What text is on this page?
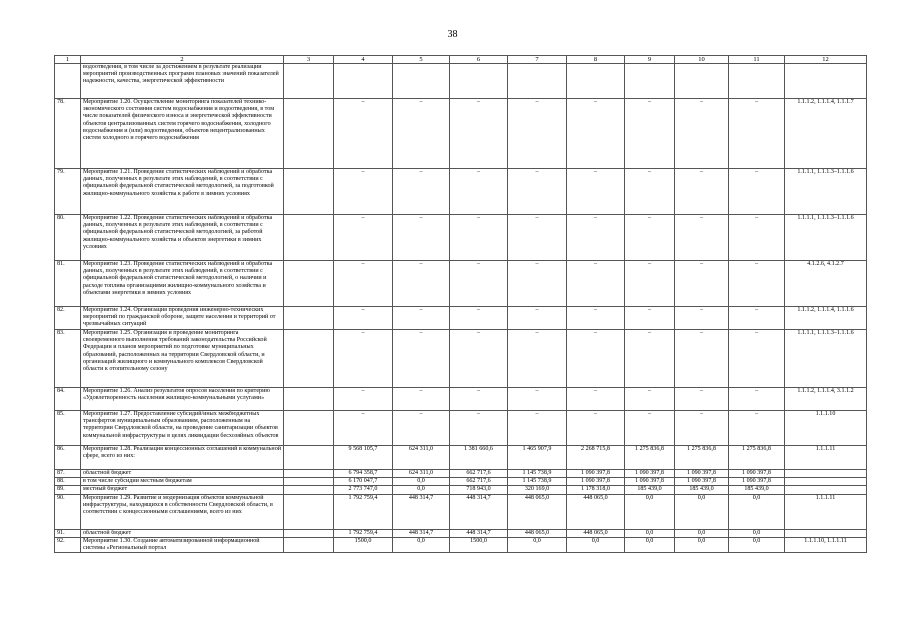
38
1	2	3	4	5	6	7	8	9	10	11	12
	водоотведения, в том числе за достижением в результате реализации мероприятий производственных программ плановых значений показателей надежности, качества, энергетической эффективности										
78.	Мероприятие 1.20. Осуществление мониторинга показателей технико-экономического состояния систем водоснабжения и водоотведения, в том числе показателей физического износа и энергетической эффективности объектов централизованных систем горячего водоснабжения, холодного водоснабжения и (или) водоотведения, объектов нецентрализованных систем холодного и горячего водоснабжения		–	–	–	–	–	–	–	–	1.1.1.2, 1.1.1.4, 1.1.1.7
79.	Мероприятие 1.21. Проведение статистических наблюдений и обработка данных, полученных в результате этих наблюдений, в соответствии с официальной федеральной статистической методологией, за подготовкой жилищно-коммунального хозяйства к работе в зимних условиях		–	–	–	–	–	–	–	–	1.1.1.1, 1.1.1.3–1.1.1.6
80.	Мероприятие 1.22. Проведение статистических наблюдений и обработка данных, полученных в результате этих наблюдений, в соответствии с официальной федеральной статистической методологией, за работой жилищно-коммунального хозяйства и объектов энергетики в зимних условиях		–	–	–	–	–	–	–	–	1.1.1.1, 1.1.1.3–1.1.1.6
81.	Мероприятие 1.23. Проведение статистических наблюдений и обработка данных, полученных в результате этих наблюдений, в соответствии с официальной федеральной статистической методологией, о наличии и расходе топлива организациями жилищно-коммунального хозяйства и объектами энергетики в зимних условиях		–	–	–	–	–	–	–	–	4.1.2.6, 4.1.2.7
82.	Мероприятие 1.24. Организация проведения инженерно-технических мероприятий по гражданской обороне, защите населения и территорий от чрезвычайных ситуаций		–	–	–	–	–	–	–	–	1.1.1.2, 1.1.1.4, 1.1.1.6
83.	Мероприятие 1.25. Организация и проведение мониторинга своевременного выполнения требований законодательства Российской Федерации и планов мероприятий по подготовке муниципальных образований, расположенных на территории Свердловской области, и организаций жилищного и коммунального комплексов Свердловской области к отопительному сезону		–	–	–	–	–	–	–	–	1.1.1.1, 1.1.1.3–1.1.1.6
84.	Мероприятие 1.26. Анализ результатов опросов населения по критерию «Удовлетворенность населения жилищно-коммунальными услугами»		–	–	–	–	–	–	–	–	1.1.1.2, 1.1.1.4, 3.1.1.2
85.	Мероприятие 1.27. Предоставление субсидий/иных межбюджетных трансфертов муниципальным образованиям, расположенным на территории Свердловской области, на проведение санитаризации объектов коммунальной инфраструктуры в целях ликвидации бесхозяйных объектов		–	–	–	–	–	–	–	–	1.1.1.10
86.	Мероприятие 1.28. Реализация концессионных соглашений в коммунальной сфере, всего из них:		9 568 105,7	624 311,0	1 381 660,6	1 465 907,9	2 268 715,8	1 275 836,8	1 275 836,8	1 275 836,8	1.1.1.11
87.	областной бюджет		6 794 358,7	624 311,0	662 717,6	1 145 738,9	1 090 397,8	1 090 397,8	1 090 397,8	1 090 397,8	
88.	в том числе субсидии местным бюджетам		6 170 047,7	0,0	662 717,6	1 145 738,9	1 090 397,8	1 090 397,8	1 090 397,8	1 090 397,8	
89.	местный бюджет		2 773 747,0	0,0	718 943,0	320 169,0	1 178 318,0	185 439,0	185 439,0	185 439,0	
90.	Мероприятие 1.29. Развитие и модернизация объектов коммунальной инфраструктуры, находящихся в собственности Свердловской области, в соответствии с концессионными соглашениями, всего из них		1 792 759,4	448 314,7	448 314,7	448 065,0	448 065,0	0,0	0,0	0,0	1.1.1.11
91.	областной бюджет		1 792 759,4	448 314,7	448 314,7	448 065,0	448 065,0	0,0	0,0	0,0	
92.	Мероприятие 1.30. Создание автоматизированной информационной системы «Региональный портал		1500,0	0,0	1500,0	0,0	0,0	0,0	0,0	0,0	1.1.1.10, 1.1.1.11
